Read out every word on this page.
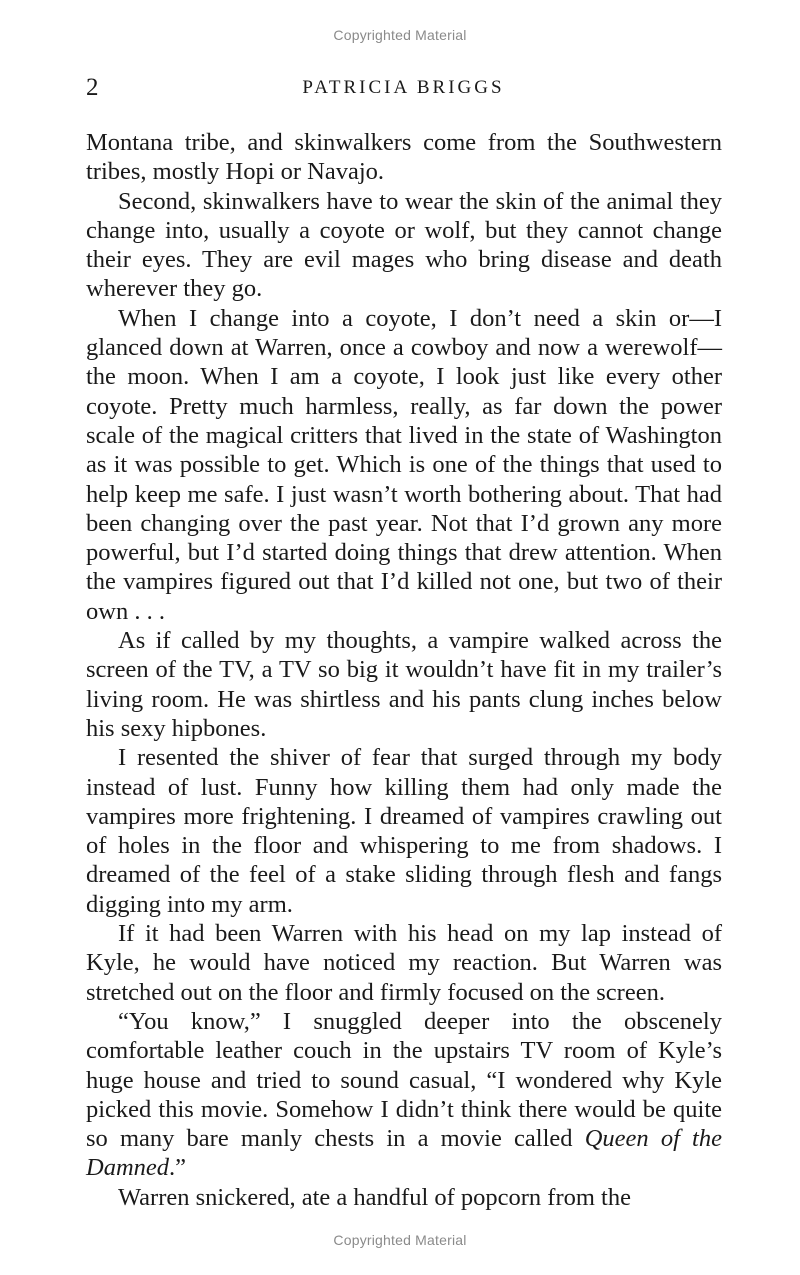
Copyrighted Material
2	PATRICIA BRIGGS

Montana tribe, and skinwalkers come from the Southwestern tribes, mostly Hopi or Navajo.

Second, skinwalkers have to wear the skin of the animal they change into, usually a coyote or wolf, but they cannot change their eyes. They are evil mages who bring disease and death wherever they go.

When I change into a coyote, I don’t need a skin or—I glanced down at Warren, once a cowboy and now a werewolf—the moon. When I am a coyote, I look just like every other coyote. Pretty much harmless, really, as far down the power scale of the magical critters that lived in the state of Washington as it was possible to get. Which is one of the things that used to help keep me safe. I just wasn’t worth bothering about. That had been changing over the past year. Not that I’d grown any more powerful, but I’d started doing things that drew attention. When the vampires figured out that I’d killed not one, but two of their own . . .

As if called by my thoughts, a vampire walked across the screen of the TV, a TV so big it wouldn’t have fit in my trailer’s living room. He was shirtless and his pants clung inches below his sexy hipbones.

I resented the shiver of fear that surged through my body instead of lust. Funny how killing them had only made the vampires more frightening. I dreamed of vampires crawling out of holes in the floor and whispering to me from shadows. I dreamed of the feel of a stake sliding through flesh and fangs digging into my arm.

If it had been Warren with his head on my lap instead of Kyle, he would have noticed my reaction. But Warren was stretched out on the floor and firmly focused on the screen.

“You know,” I snuggled deeper into the obscenely comfortable leather couch in the upstairs TV room of Kyle’s huge house and tried to sound casual, “I wondered why Kyle picked this movie. Somehow I didn’t think there would be quite so many bare manly chests in a movie called Queen of the Damned.”

Warren snickered, ate a handful of popcorn from the

Copyrighted Material
